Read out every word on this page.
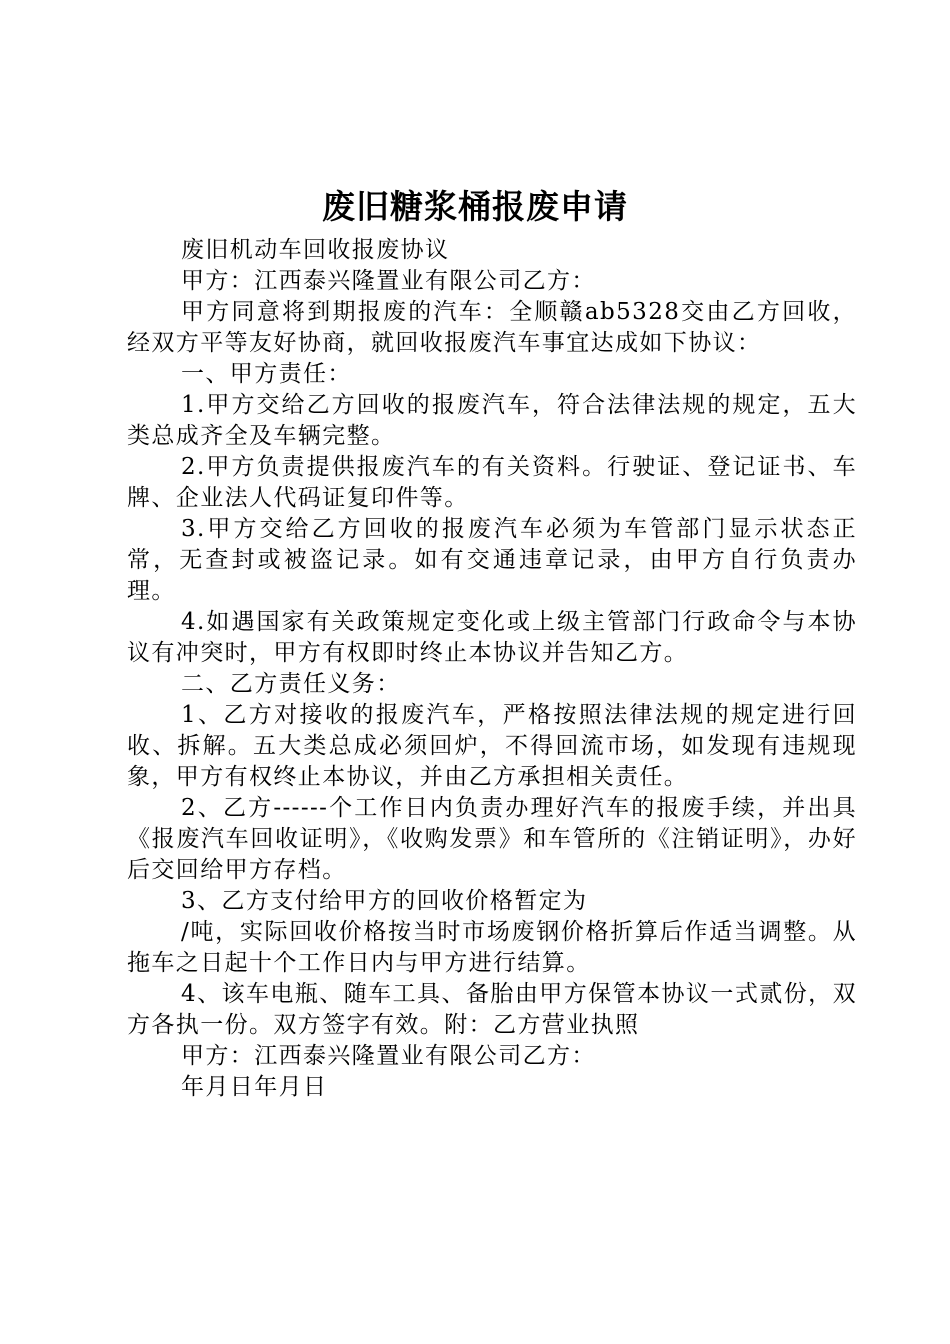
废旧糖浆桶报废申请

废旧机动车回收报废协议

甲方：江西泰兴隆置业有限公司乙方：

甲方同意将到期报废的汽车：全顺赣ab5328交由乙方回收，经双方平等友好协商，就回收报废汽车事宜达成如下协议：

一、甲方责任：

1.甲方交给乙方回收的报废汽车，符合法律法规的规定，五大类总成齐全及车辆完整。

2.甲方负责提供报废汽车的有关资料。行驶证、登记证书、车牌、企业法人代码证复印件等。

3.甲方交给乙方回收的报废汽车必须为车管部门显示状态正常，无查封或被盗记录。如有交通违章记录，由甲方自行负责办理。

4.如遇国家有关政策规定变化或上级主管部门行政命令与本协议有冲突时，甲方有权即时终止本协议并告知乙方。

二、乙方责任义务：

1、乙方对接收的报废汽车，严格按照法律法规的规定进行回收、拆解。五大类总成必须回炉，不得回流市场，如发现有违规现象，甲方有权终止本协议，并由乙方承担相关责任。

2、乙方------个工作日内负责办理好汽车的报废手续，并出具《报废汽车回收证明》，《收购发票》和车管所的《注销证明》，办好后交回给甲方存档。

3、乙方支付给甲方的回收价格暂定为

/吨，实际回收价格按当时市场废钢价格折算后作适当调整。从拖车之日起十个工作日内与甲方进行结算。

4、该车电瓶、随车工具、备胎由甲方保管本协议一式贰份，双方各执一份。双方签字有效。附：乙方营业执照

甲方：江西泰兴隆置业有限公司乙方：

年月日年月日
